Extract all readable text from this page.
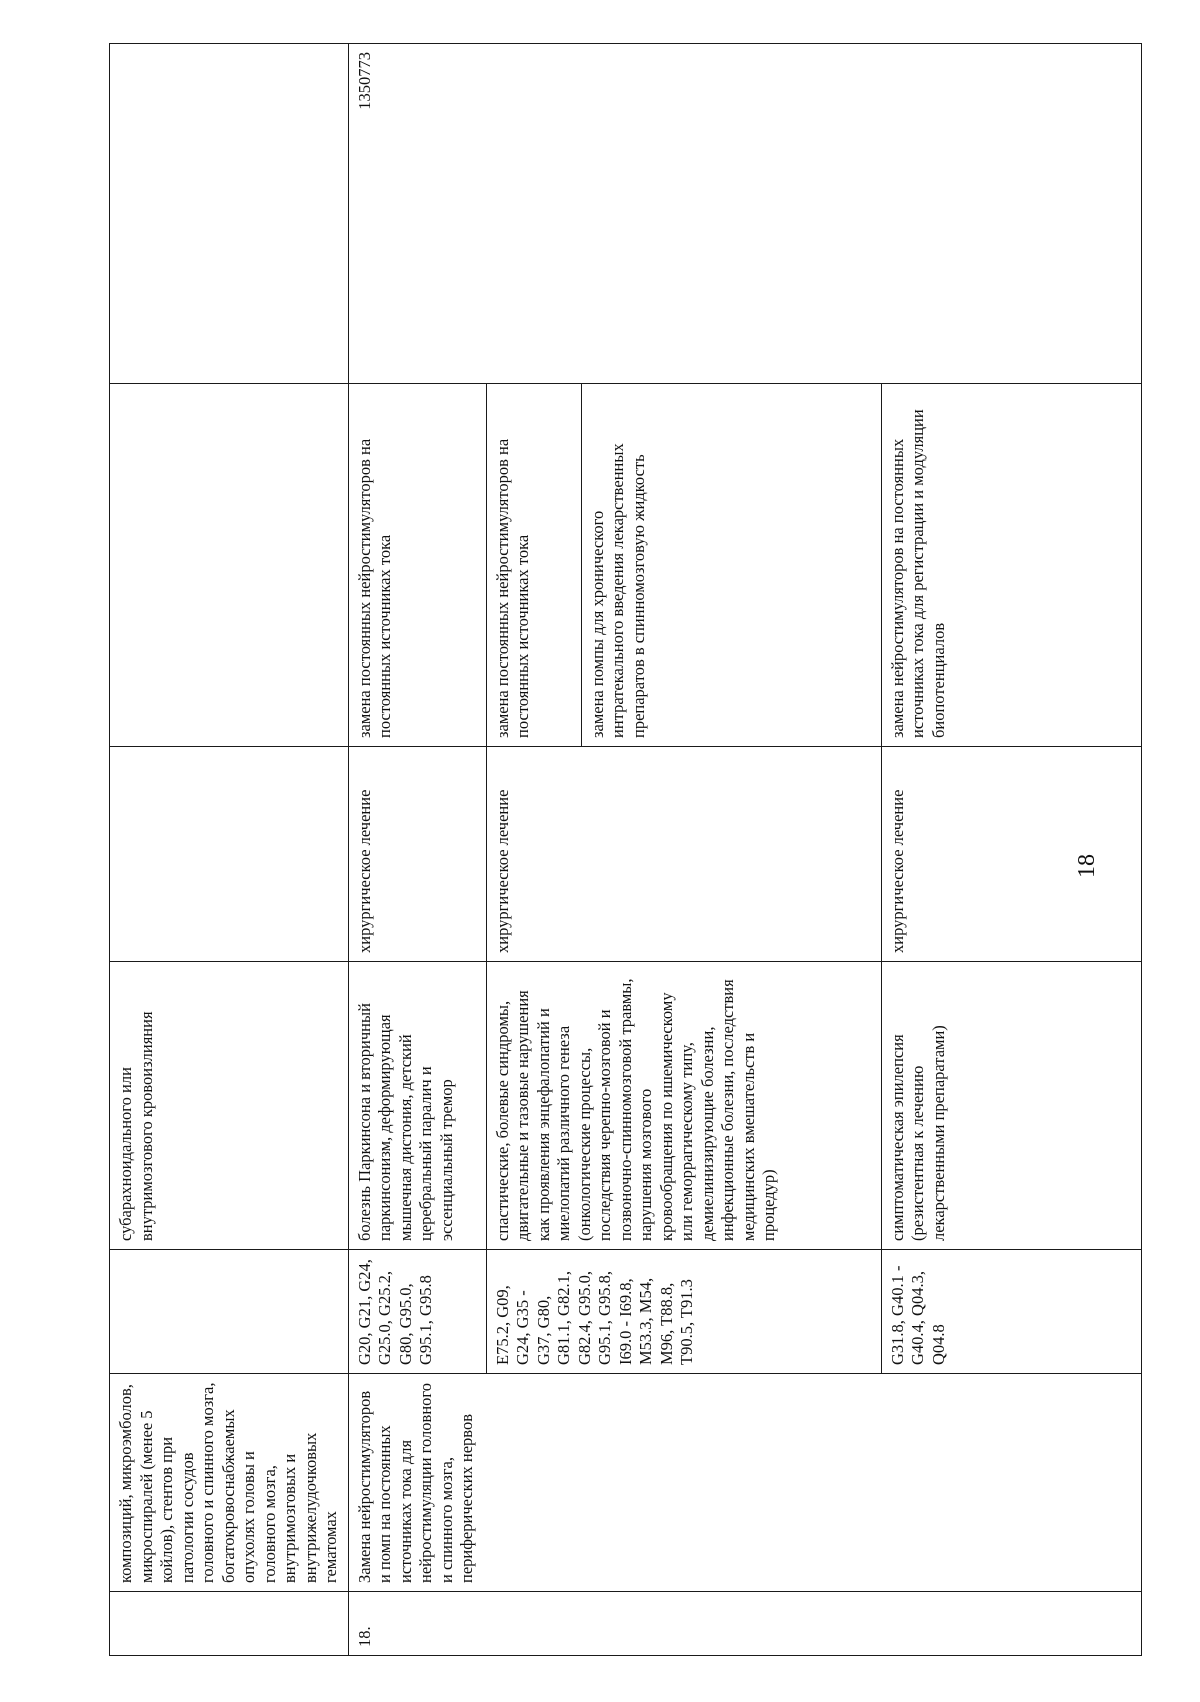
18
	композиций, микроэмболов, микроспиралей (менее 5 койлов), стентов при патологии сосудов головного и спинного мозга, богатокровоснабжаемых опухолях головы и головного мозга, внутримозговых и внутрижелудочковых гематомах		субарахноидального или внутримозгового кровоизлияния			
18.	Замена нейростимуляторов и помп на постоянных источниках тока для нейростимуляции головного и спинного мозга, периферических нервов	G20, G21, G24, G25.0, G25.2, G80, G95.0, G95.1, G95.8	болезнь Паркинсона и вторичный паркинсонизм, деформирующая мышечная дистония, детский церебральный паралич и эссенциальный тремор	хирургическое лечение	замена постоянных нейростимуляторов на постоянных источниках тока	1350773
		E75.2, G09, G24, G35 - G37, G80, G81.1, G82.1, G82.4, G95.0, G95.1, G95.8, I69.0 - I69.8, M53.3, M54, M96, T88.8, T90.5, T91.3	спастические, болевые синдромы, двигательные и тазовые нарушения как проявления энцефалопатий и миелопатий различного генеза (онкологические процессы, последствия черепно-мозговой и позвоночно-спинномозговой травмы, нарушения мозгового кровообращения по ишемическому или геморрагическому типу, демиелинизирующие болезни, инфекционные болезни, последствия медицинских вмешательств и процедур)	хирургическое лечение	замена постоянных нейростимуляторов на постоянных источниках тока	
					замена помпы для хронического интратекального введения лекарственных препаратов в спинномозговую жидкость	
		G31.8, G40.1 - G40.4, Q04.3, Q04.8	симптоматическая эпилепсия (резистентная к лечению лекарственными препаратами)	хирургическое лечение	замена нейростимуляторов на постоянных источниках тока для регистрации и модуляции биопотенциалов	
